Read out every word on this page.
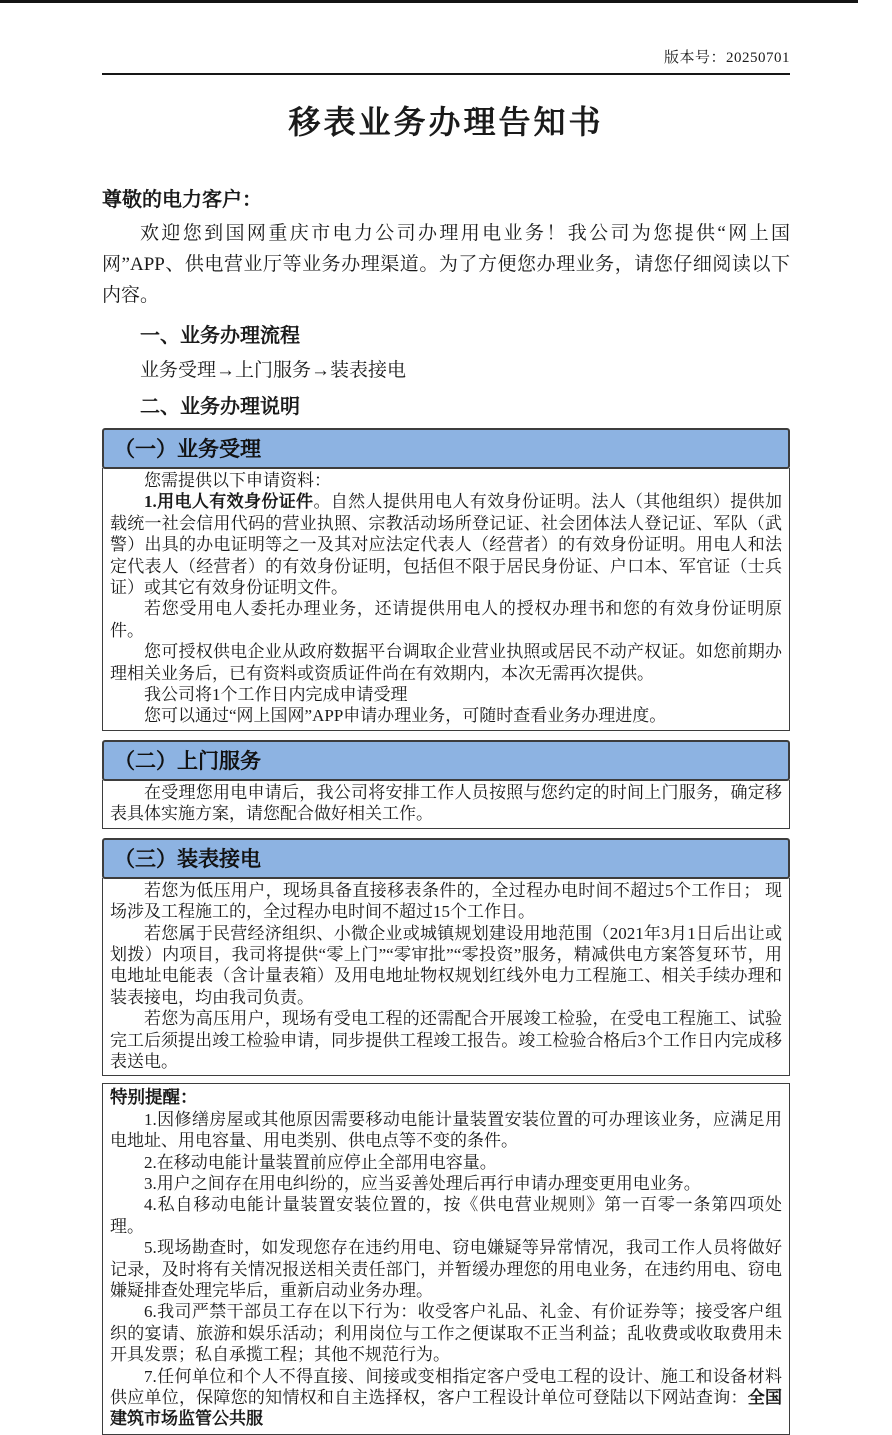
版本号：20250701
移表业务办理告知书
尊敬的电力客户：

欢迎您到国网重庆市电力公司办理用电业务！我公司为您提供“网上国网”APP、供电营业厅等业务办理渠道。为了方便您办理业务，请您仔细阅读以下内容。

一、业务办理流程
业务受理→上门服务→装表接电
二、业务办理说明
（一）业务受理

您需提供以下申请资料：

1.用电人有效身份证件。自然人提供用电人有效身份证明。法人（其他组织）提供加载统一社会信用代码的营业执照、宗教活动场所登记证、社会团体法人登记证、军队（武警）出具的办电证明等之一及其对应法定代表人（经营者）的有效身份证明。用电人和法定代表人（经营者）的有效身份证明，包括但不限于居民身份证、户口本、军官证（士兵证）或其它有效身份证明文件。

若您受用电人委托办理业务，还请提供用电人的授权办理书和您的有效身份证明原件。

您可授权供电企业从政府数据平台调取企业营业执照或居民不动产权证。如您前期办理相关业务后，已有资料或资质证件尚在有效期内，本次无需再次提供。

我公司将1个工作日内完成申请受理

您可以通过“网上国网”APP申请办理业务，可随时查看业务办理进度。

（二）上门服务

在受理您用电申请后，我公司将安排工作人员按照与您约定的时间上门服务，确定移表具体实施方案，请您配合做好相关工作。

（三）装表接电

若您为低压用户，现场具备直接移表条件的，全过程办电时间不超过5个工作日； 现场涉及工程施工的，全过程办电时间不超过15个工作日。

若您属于民营经济组织、小微企业或城镇规划建设用地范围（2021年3月1日后出让或划拨）内项目，我司将提供“零上门”“零审批”“零投资”服务，精减供电方案答复环节，用电地址电能表（含计量表箱）及用电地址物权规划红线外电力工程施工、相关手续办理和装表接电，均由我司负责。

若您为高压用户，现场有受电工程的还需配合开展竣工检验，在受电工程施工、试验完工后须提出竣工检验申请，同步提供工程竣工报告。竣工检验合格后3个工作日内完成移表送电。

特别提醒：

1.因修缮房屋或其他原因需要移动电能计量装置安装位置的可办理该业务，应满足用电地址、用电容量、用电类别、供电点等不变的条件。

2.在移动电能计量装置前应停止全部用电容量。

3.用户之间存在用电纠纷的，应当妥善处理后再行申请办理变更用电业务。

4.私自移动电能计量装置安装位置的，按《供电营业规则》第一百零一条第四项处理。

5.现场勘查时，如发现您存在违约用电、窃电嫌疑等异常情况，我司工作人员将做好记录，及时将有关情况报送相关责任部门，并暂缓办理您的用电业务，在违约用电、窃电嫌疑排查处理完毕后，重新启动业务办理。

6.我司严禁干部员工存在以下行为：收受客户礼品、礼金、有价证券等；接受客户组织的宴请、旅游和娱乐活动；利用岗位与工作之便谋取不正当利益；乱收费或收取费用未开具发票；私自承揽工程；其他不规范行为。

7.任何单位和个人不得直接、间接或变相指定客户受电工程的设计、施工和设备材料供应单位，保障您的知情权和自主选择权，客户工程设计单位可登陆以下网站查询：全国建筑市场监管公共服
